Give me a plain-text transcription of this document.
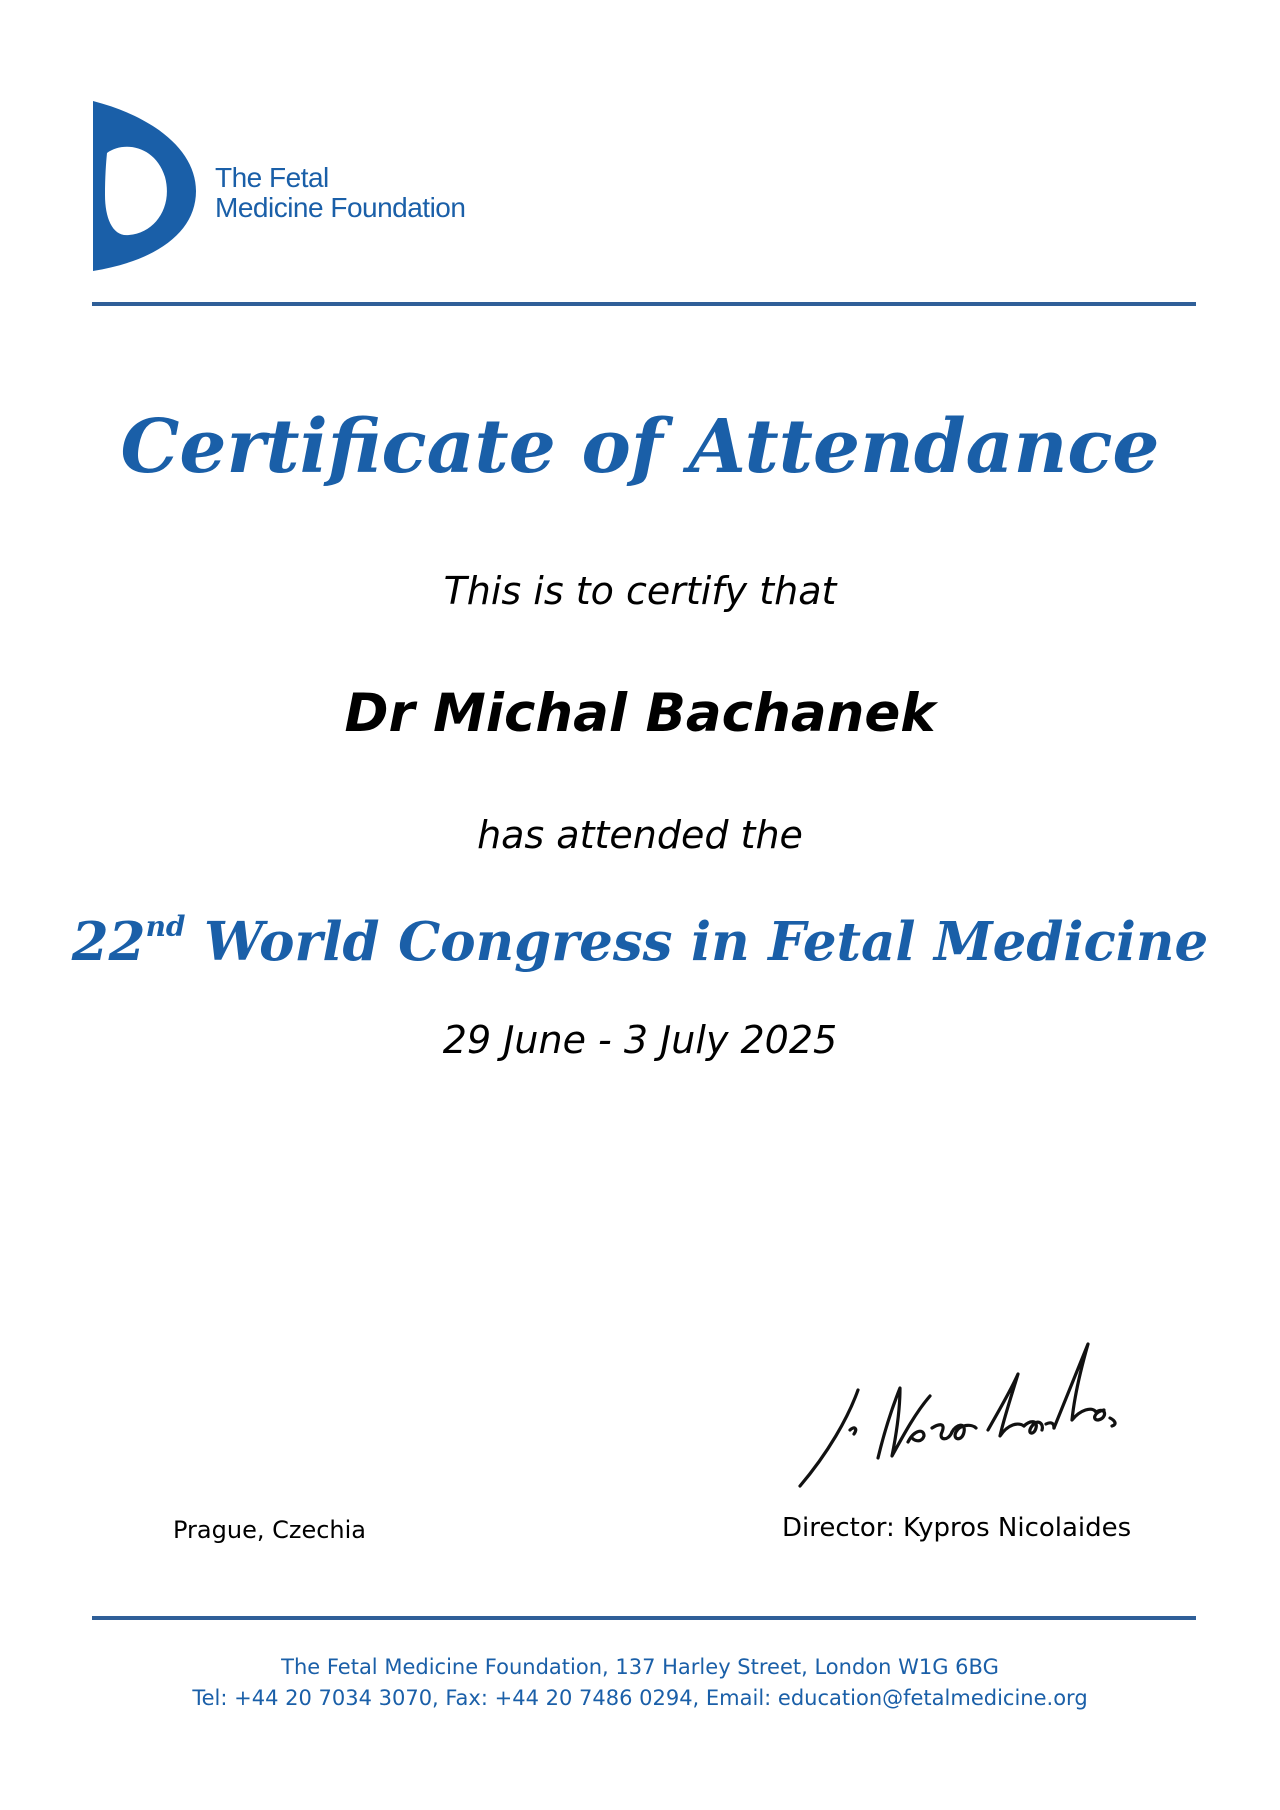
The Fetal
Medicine Foundation
Certificate of Attendance
This is to certify that
Dr Michal Bachanek
has attended the
22nd World Congress in Fetal Medicine
29 June - 3 July 2025
Prague, Czechia	Director: Kypros Nicolaides
The Fetal Medicine Foundation, 137 Harley Street, London W1G 6BG
Tel: +44 20 7034 3070, Fax: +44 20 7486 0294, Email: education@fetalmedicine.org
